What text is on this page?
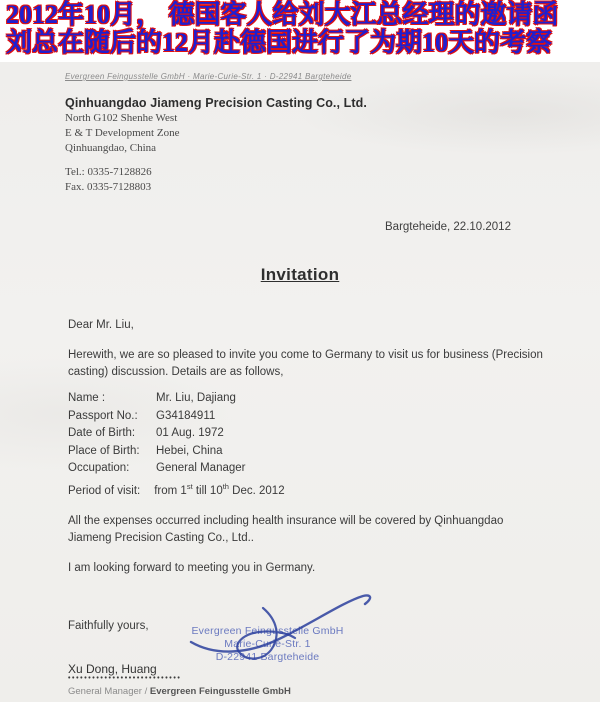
2012年10月， 德国客人给刘大江总经理的邀请函
刘总在随后的12月赴德国进行了为期10天的考察
Evergreen Feingusstelle GmbH · Marie-Curie-Str. 1 · D-22941 Bargteheide
Qinhuangdao Jiameng Precision Casting Co., Ltd.
North G102 Shenhe West
E & T Development Zone
Qinhuangdao, China
Tel.: 0335-7128826
Fax. 0335-7128803
Bargteheide, 22.10.2012
Invitation
Dear Mr. Liu,
Herewith, we are so pleased to invite you come to Germany to visit us for business (Precision casting) discussion. Details are as follows,
Name :	Mr. Liu, Dajiang
Passport No.:	G34184911
Date of Birth:	01 Aug. 1972
Place of Birth:	Hebei, China
Occupation:	General Manager
Period of visit: from 1st till 10th Dec. 2012
All the expenses occurred including health insurance will be covered by Qinhuangdao Jiameng Precision Casting Co., Ltd..
I am looking forward to meeting you in Germany.
Faithfully yours,	Evergreen Feingusstelle GmbH
Marie-Curie-Str. 1
D-22941 Bargteheide
Xu Dong, Huang
••••••••••••••••••••••••••••
General Manager / Evergreen Feingusstelle GmbH
